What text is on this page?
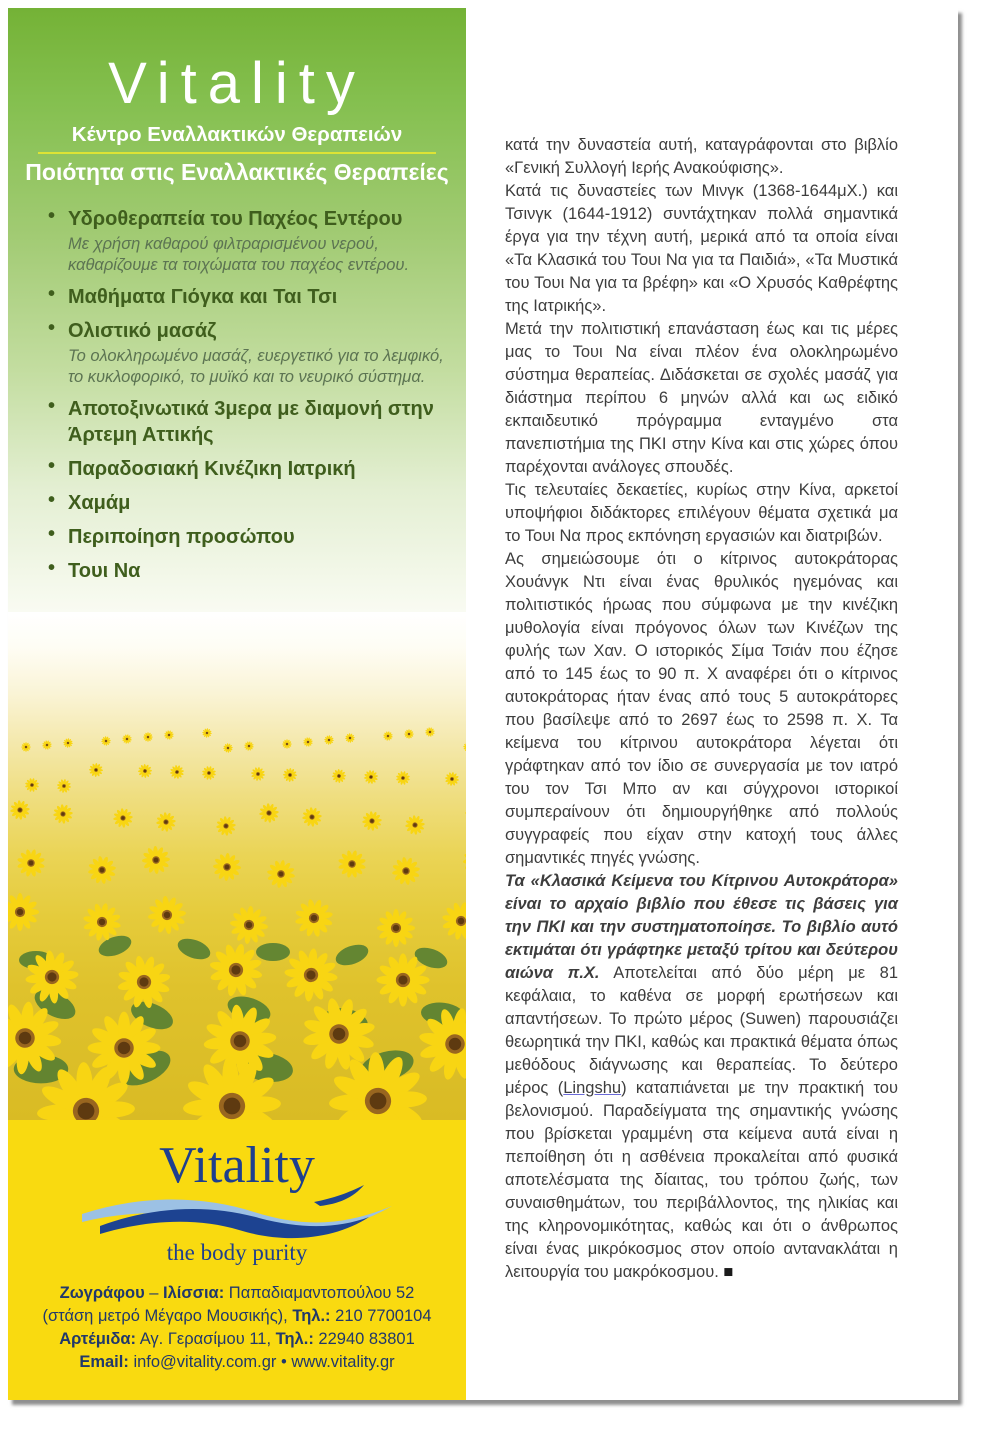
Vitality
Κέντρο Εναλλακτικών Θεραπειών
Ποιότητα στις Εναλλακτικές Θεραπείες
• Υδροθεραπεία του Παχέος Εντέρου
Με χρήση καθαρού φιλτραρισμένου νερού, καθαρίζουμε τα τοιχώματα του παχέος εντέρου.
• Μαθήματα Γιόγκα και Ται Τσι
• Ολιστικό μασάζ
Το ολοκληρωμένο μασάζ, ευεργετικό για το λεμφικό, το κυκλοφορικό, το μυϊκό και το νευρικό σύστημα.
• Αποτοξινωτικά 3μερα με διαμονή στην Άρτεμη Αττικής
• Παραδοσιακή Κινέζικη Ιατρική
• Χαμάμ
• Περιποίηση προσώπου
• Τουι Να
Vitality
the body purity
Ζωγράφου – Ιλίσσια: Παπαδιαμαντοπούλου 52
(στάση μετρό Μέγαρο Μουσικής), Τηλ.: 210 7700104
Αρτέμιδα: Αγ. Γερασίμου 11, Τηλ.: 22940 83801
Email: info@vitality.com.gr • www.vitality.gr

κατά την δυναστεία αυτή, καταγράφονται στο βιβλίο «Γενική Συλλογή Ιερής Ανακούφισης».

Κατά τις δυναστείες των Μινγκ (1368-1644μΧ.) και Τσινγκ (1644-1912) συντάχτηκαν πολλά σημαντικά έργα για την τέχνη αυτή, μερικά από τα οποία είναι «Τα Κλασικά του Τουι Να για τα Παιδιά», «Τα Μυστικά του Τουι Να για τα βρέφη» και «Ο Χρυσός Καθρέφτης της Ιατρικής».

Μετά την πολιτιστική επανάσταση έως και τις μέρες μας το Τουι Να είναι πλέον ένα ολοκληρωμένο σύστημα θεραπείας. Διδάσκεται σε σχολές μασάζ για διάστημα περίπου 6 μηνών αλλά και ως ειδικό εκπαιδευτικό πρόγραμμα ενταγμένο στα πανεπιστήμια της ΠΚΙ στην Κίνα και στις χώρες όπου παρέχονται ανάλογες σπουδές.

Τις τελευταίες δεκαετίες, κυρίως στην Κίνα, αρκετοί υποψήφιοι διδάκτορες επιλέγουν θέματα σχετικά μα το Τουι Να προς εκπόνηση εργασιών και διατριβών.

Ας σημειώσουμε ότι ο κίτρινος αυτοκράτορας Χουάνγκ Ντι είναι ένας θρυλικός ηγεμόνας και πολιτιστικός ήρωας που σύμφωνα με την κινέζικη μυθολογία είναι πρόγονος όλων των Κινέζων της φυλής των Χαν. Ο ιστορικός Σίμα Τσιάν που έζησε από το 145 έως το 90 π. Χ αναφέρει ότι ο κίτρινος αυτοκράτορας ήταν ένας από τους 5 αυτοκράτορες που βασίλεψε από το 2697 έως το 2598 π. Χ. Τα κείμενα του κίτρινου αυτοκράτορα λέγεται ότι γράφτηκαν από τον ίδιο σε συνεργασία με τον ιατρό του τον Τσι Μπο αν και σύγχρονοι ιστορικοί συμπεραίνουν ότι δημιουργήθηκε από πολλούς συγγραφείς που είχαν στην κατοχή τους άλλες σημαντικές πηγές γνώσης.

Τα «Κλασικά Κείμενα του Κίτρινου Αυτοκράτορα» είναι το αρχαίο βιβλίο που έθεσε τις βάσεις για την ΠΚΙ και την συστηματοποίησε. Το βιβλίο αυτό εκτιμάται ότι γράφτηκε μεταξύ τρίτου και δεύτερου αιώνα π.Χ. Αποτελείται από δύο μέρη με 81 κεφάλαια, το καθένα σε μορφή ερωτήσεων και απαντήσεων. Το πρώτο μέρος (Suwen) παρουσιάζει θεωρητικά την ΠΚΙ, καθώς και πρακτικά θέματα όπως μεθόδους διάγνωσης και θεραπείας. Το δεύτερο μέρος (Lingshu) καταπιάνεται με την πρακτική του βελονισμού. Παραδείγματα της σημαντικής γνώσης που βρίσκεται γραμμένη στα κείμενα αυτά είναι η πεποίθηση ότι η ασθένεια προκαλείται από φυσικά αποτελέσματα της δίαιτας, του τρόπου ζωής, των συναισθημάτων, του περιβάλλοντος, της ηλικίας και της κληρονομικότητας, καθώς και ότι ο άνθρωπος είναι ένας μικρόκοσμος στον οποίο αντανακλάται η λειτουργία του μακρόκοσμου. ■
